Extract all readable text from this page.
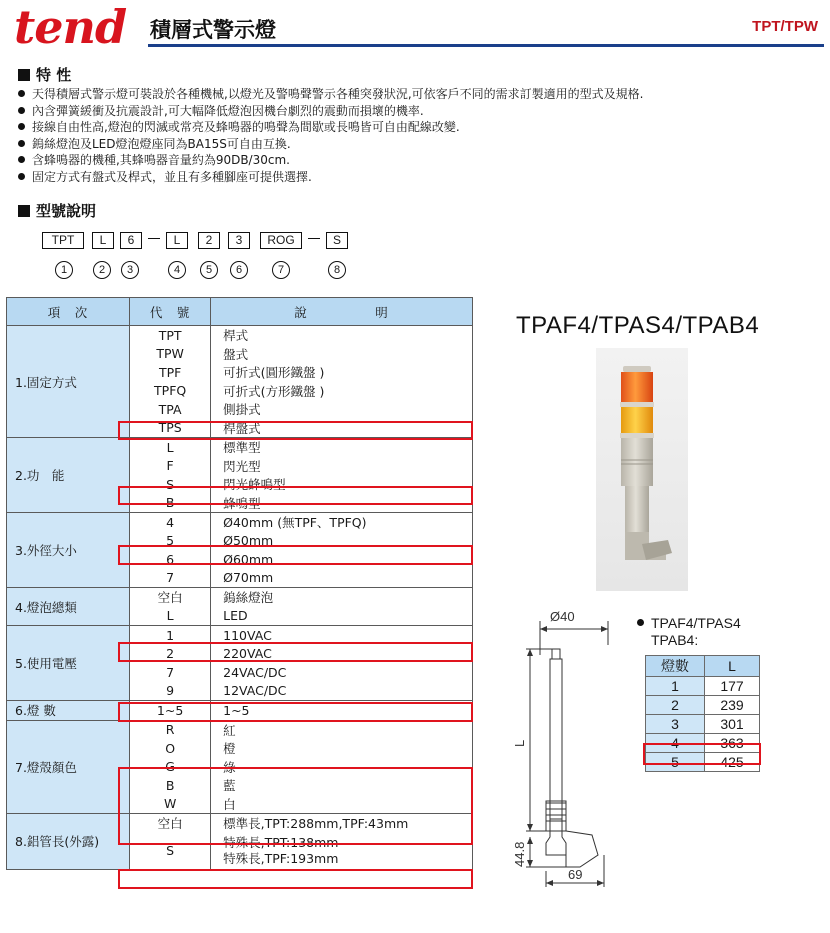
tend 積層式警示燈	TPT/TPW
特 性
天得積層式警示燈可裝設於各種機械,以燈光及警鳴聲警示各種突發狀況,可依客戶不同的需求訂製適用的型式及規格.
內含彈簧緩衝及抗震設計,可大幅降低燈泡因機台劇烈的震動而損壞的機率.
接線自由性高,燈泡的閃滅或常亮及蜂鳴器的鳴聲為間歇或長鳴皆可自由配線改變.
鎢絲燈泡及LED燈泡燈座同為BA15S可自由互換.
含蜂鳴器的機種,其蜂鳴器音量約為90DB/30cm.
固定方式有盤式及桿式，並且有多種腳座可提供選擇.
型號說明
TPT	L	6	L	2	3	ROG	S
1	2	3	4	5	6	7	8
項　次	代　號	說　　　　　明
1.固定方式	TPT	桿式
	TPW	盤式
	TPF	可折式(圓形鐵盤 )
	TPFQ	可折式(方形鐵盤 )
	TPA	側掛式
	TPS	桿盤式
2.功　能	L	標準型
	F	閃光型
	S	閃光蜂鳴型
	B	蜂鳴型
3.外徑大小	4	Ø40mm (無TPF、TPFQ)
	5	Ø50mm
	6	Ø60mm
	7	Ø70mm
4.燈泡總類	空白	鎢絲燈泡
	L	LED
5.使用電壓	1	110VAC
	2	220VAC
	7	24VAC/DC
	9	12VAC/DC
6.燈 數	1~5	1~5
7.燈殼顏色	R	紅
	O	橙
	G	綠
	B	藍
	W	白
8.鋁管長(外露)	空白	標準長,TPT:288mm,TPF:43mm
	S	特殊長,TPT:138mm
特殊長,TPF:193mm
TPAF4/TPAS4/TPAB4
Ø40
L
44.8
69
TPAF4/TPAS4
TPAB4:
燈數	L
1	177
2	239
3	301
4	363
5	425
